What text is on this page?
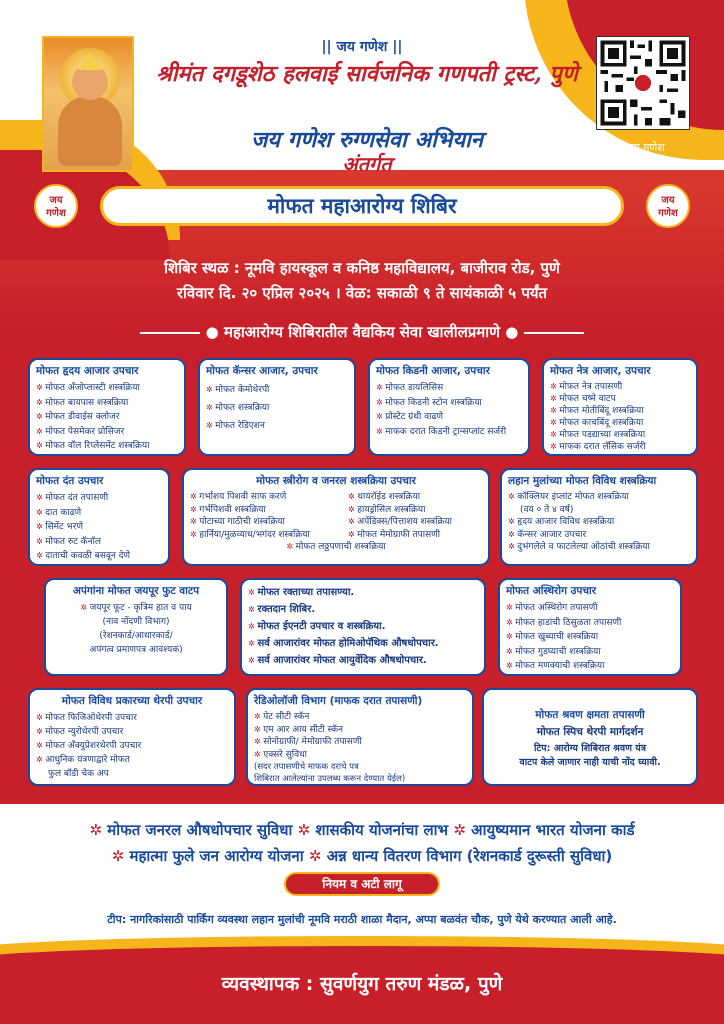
जय गणेश
रुग्णसेवा अभियान
|| जय गणेश ||
श्रीमंत दगडूशेठ हलवाई सार्वजनिक गणपती ट्रस्ट, पुणे
जय गणेश रुग्णसेवा अभियान
अंतर्गत
जय
गणेश
जय
गणेश
मोफत महाआरोग्य शिबिर
शिबिर स्थळ : नूमवि हायस्कूल व कनिष्ठ महाविद्यालय, बाजीराव रोड, पुणे
रविवार दि. २० एप्रिल २०२५ । वेळ: सकाळी ९ ते सायंकाळी ५ पर्यंत
● महाआरोग्य शिबिरातील वैद्यकिय सेवा खालीलप्रमाणे ●
मोफत हृदय आजार उपचार
✲ मोफत अँजोप्लास्टी शस्त्रक्रिया
✲ मोफत बायपास शस्त्रक्रिया
✲ मोफत डीवाईस क्लोजर
✲ मोफत पेसमेकर प्रोसिजर
✲ मोफत वॉल रिप्लेसमेंट शस्त्रक्रिया
मोफत कॅन्सर आजार, उपचार
✲ मोफत केमोथेरपी
✲ मोफत शस्त्रक्रिया
✲ मोफत रेडिएशन
मोफत किडनी आजार, उपचार
✲ मोफत डायलिसिस
✲ मोफत किडनी स्टोन शस्त्रक्रिया
✲ प्रोस्टेट ग्रंथी वाढणे
✲ माफक दरात किडनी ट्रान्सप्लांट सर्जरी
मोफत नेत्र आजार, उपचार
✲ मोफत नेत्र तपासणी
✲ मोफत चष्मे वाटप
✲ मोफत मोतीबिंदू शस्त्रक्रिया
✲ मोफत काचबिंदू शस्त्रक्रिया
✲ मोफत पडद्याच्या शस्त्रक्रिया
✲ माफक दरात लॅसिक सर्जरी
मोफत दंत उपचार
✲ मोफत दंत तपासणी
✲ दात काढणे
✲ सिमेंट भरणे
✲ मोफत रुट कॅनॉल
✲ दाताची कवळी बसवून देणे
मोफत स्त्रीरोग व जनरल शस्त्रक्रिया उपचार
✲ गर्भाशय पिशवी साफ करणे
✲ गर्भपिशवी शस्त्रक्रिया
✲ पोटाच्या गाठीची शस्त्रक्रिया
✲ हार्निया/मुळव्याध/भगंदर शस्त्रक्रिया
✲ थायरॉईड शस्त्रक्रिया
✲ हायड्रोसिल शस्त्रक्रिया
✲ अपेंडिक्स/पित्ताशय शस्त्रक्रिया
✲ मोफत मेमोग्राफी तपासणी
✲ मोफत लठ्ठपणाची शस्त्रक्रिया
लहान मुलांच्या मोफत विविध शस्त्रक्रिया
✲ कॉक्लियर इंप्लांट मोफत शस्त्रक्रिया
(वय ० ते ४ वर्ष)
✲ हृदय आजार विविध शस्त्रक्रिया
✲ कॅन्सर आजार उपचार
✲ दुभंगलेले व फाटलेल्या ओठांची शस्त्रक्रिया
अपंगांना मोफत जयपूर फुट वाटप
✲ जयपूर फूट - कृत्रिम हात व पाय
(नाव नोंदणी विभाग)
(रेशनकार्ड/आधारकार्ड/
अपंगत्व प्रमाणपत्र आवश्यक)
✲ मोफत रक्ताच्या तपासण्या.
✲ रक्तदान शिबिर.
✲ मोफत ईएनटी उपचार व शस्त्रक्रिया.
✲ सर्व आजारांवर मोफत होमिओपॅथिक औषधोपचार.
✲ सर्व आजारांवर मोफत आयुर्वेदिक औषधोपचार.
मोफत अस्थिरोग उपचार
✲ मोफत अस्थिरोग तपासणी
✲ मोफत हाडांची ठिसुळता तपासणी
✲ मोफत खुब्याची शस्त्रक्रिया
✲ मोफत गुडघ्याची शस्त्रक्रिया
✲ मोफत मणक्याची शस्त्रक्रिया
मोफत विविध प्रकारच्या थेरपी उपचार
✲ मोफत फिजिओथेरपी उपचार
✲ मोफत न्युरोथेरपी उपचार
✲ मोफत अँक्युप्रेशरथेरपी उपचार
✲ आधुनिक यंत्रणाद्वारे मोफत
फुल बॉडी चेक अप
रेडिओलॉजी विभाग (माफक दरात तपासणी)
✲ पेट सीटी स्कॅन
✲ एम आर आय सीटी स्कॅन
✲ सोनोग्राफी/ मेमोग्राफी तपासणी
✲ एक्सरे सुविधा
(सदर तपासणीचे माफक दराचे पत्र
शिबिरात आलेल्यांना उपलब्ध करून देण्यात येईल)
मोफत श्रवण क्षमता तपासणी
मोफत स्पिच थेरपी मार्गदर्शन
टिप: आरोग्य शिबिरात श्रवण यंत्र
वाटप केले जाणार नाही याची नोंद घ्यावी.
✲ मोफत जनरल औषधोपचार सुविधा ✲ शासकीय योजनांचा लाभ ✲ आयुष्यमान भारत योजना कार्ड
✲ महात्मा फुले जन आरोग्य योजना ✲ अन्न धान्य वितरण विभाग (रेशनकार्ड दुरूस्ती सुविधा)
नियम व अटी लागू
टीप: नागरिकांसाठी पार्किंग व्यवस्था लहान मुलांची नूमवि मराठी शाळा मैदान, अप्पा बळवंत चौक, पुणे येथे करण्यात आली आहे.
व्यवस्थापक : सुवर्णयुग तरुण मंडळ, पुणे
